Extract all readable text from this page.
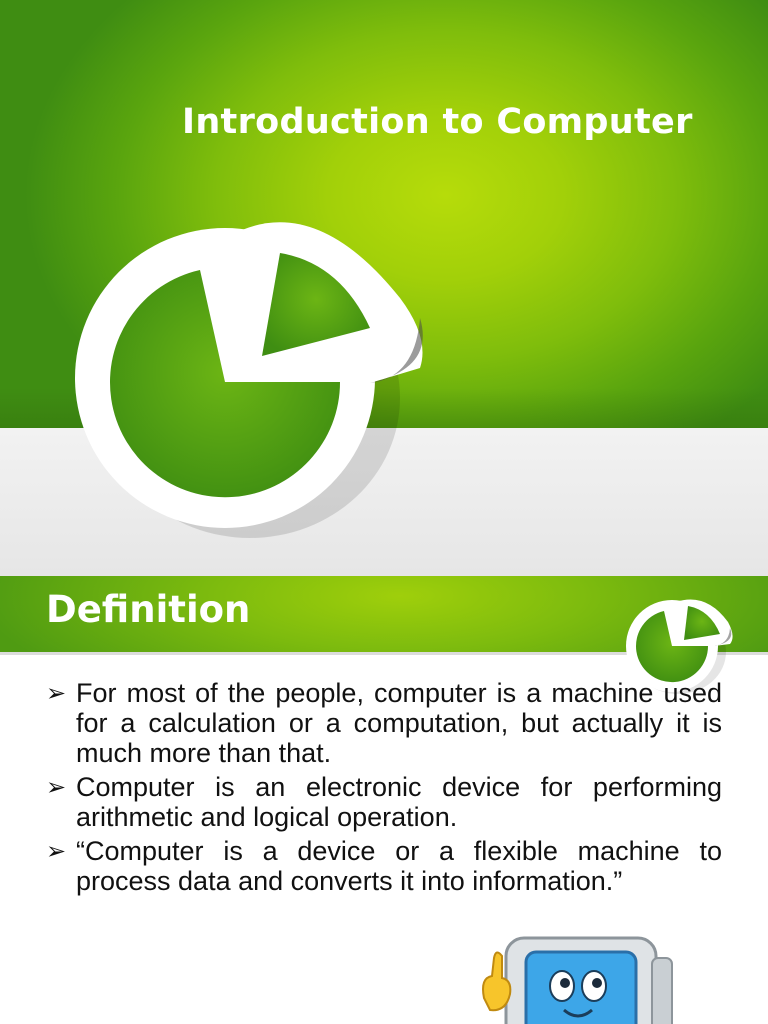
Introduction to Computer
Definition
➢ For most of the people, computer is a machine used for a calculation or a computation, but actually it is much more than that.
➢ Computer is an electronic device for performing arithmetic and logical operation.
➢ “Computer is a device or a flexible machine to process data and converts it into information.”
